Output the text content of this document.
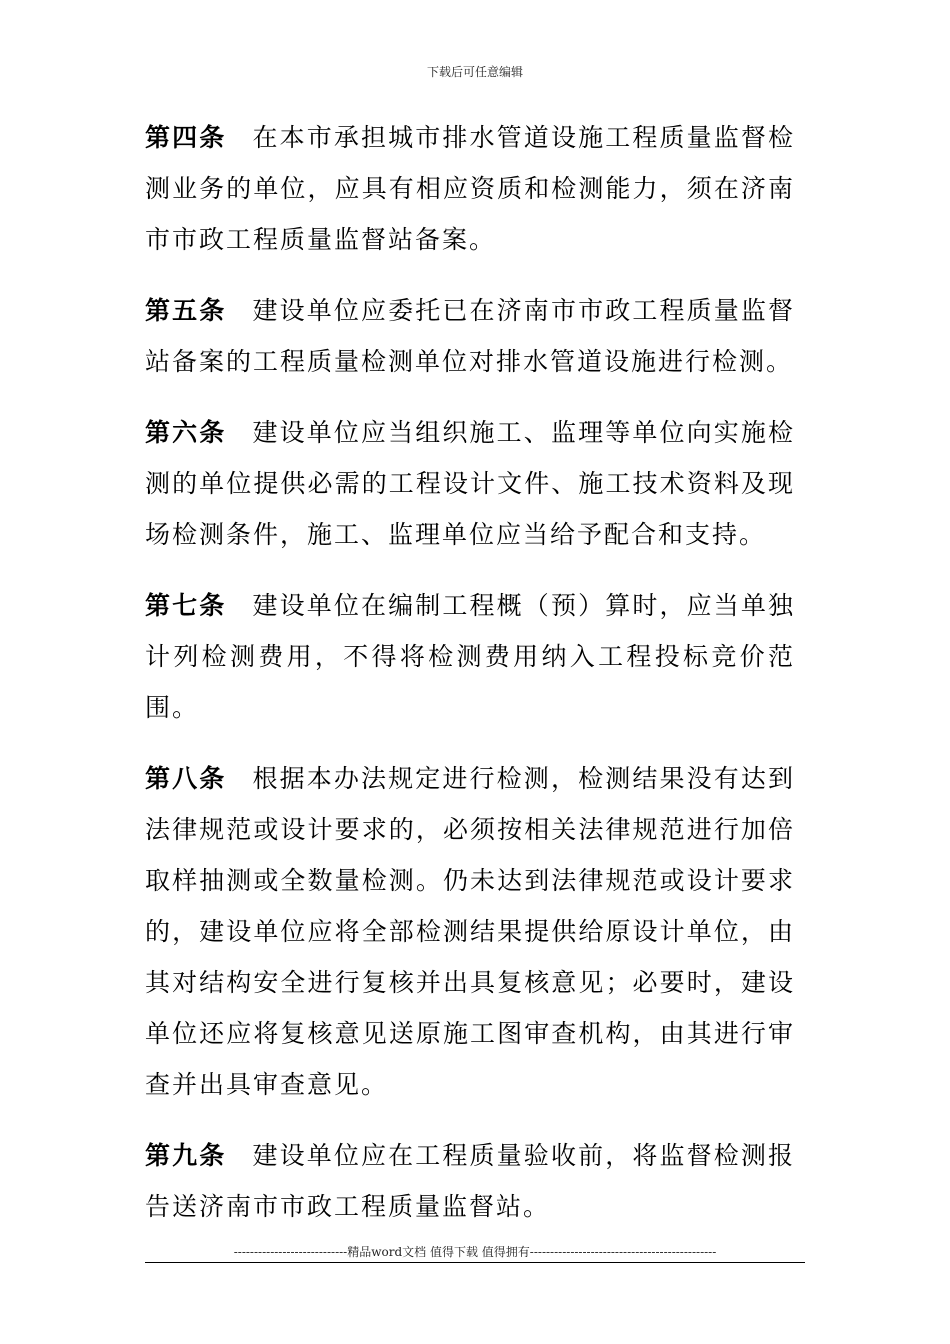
下载后可任意编辑

第四条 在本市承担城市排水管道设施工程质量监督检测业务的单位，应具有相应资质和检测能力，须在济南市市政工程质量监督站备案。

第五条 建设单位应委托已在济南市市政工程质量监督站备案的工程质量检测单位对排水管道设施进行检测。

第六条 建设单位应当组织施工、监理等单位向实施检测的单位提供必需的工程设计文件、施工技术资料及现场检测条件，施工、监理单位应当给予配合和支持。

第七条 建设单位在编制工程概（预）算时，应当单独计列检测费用，不得将检测费用纳入工程投标竞价范围。

第八条 根据本办法规定进行检测，检测结果没有达到法律规范或设计要求的，必须按相关法律规范进行加倍取样抽测或全数量检测。仍未达到法律规范或设计要求的，建设单位应将全部检测结果提供给原设计单位，由其对结构安全进行复核并出具复核意见；必要时，建设单位还应将复核意见送原施工图审查机构，由其进行审查并出具审查意见。

第九条 建设单位应在工程质量验收前，将监督检测报告送济南市市政工程质量监督站。

----------------------------精品word文档 值得下载 值得拥有----------------------------------------------
